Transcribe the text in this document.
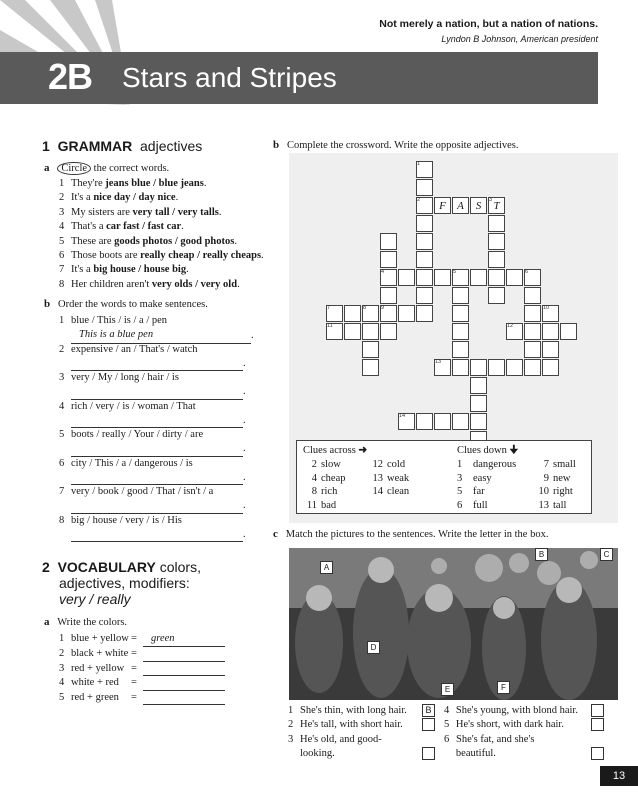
Not merely a nation, but a nation of nations.
Lyndon B Johnson, American president
2B Stars and Stripes
1 GRAMMAR adjectives
a Circle the correct words.
1 They're jeans blue / blue jeans.
2 It's a nice day / day nice.
3 My sisters are very tall / very talls.
4 That's a car fast / fast car.
5 These are goods photos / good photos.
6 Those boots are really cheap / really cheaps.
7 It's a big house / house big.
8 Her children aren't very olds / very old.
b Order the words to make sentences.
1 blue / This / is / a / pen
This is a blue pen	.
2 expensive / an / That's / watch
.
3 very / My / long / hair / is
.
4 rich / very / is / woman / That
.
5 boots / really / Your / dirty / are
.
6 city / This / a / dangerous / is
.
7 very / book / good / That / isn't / a
.
8 big / house / very / is / His
.
2 VOCABULARY colors,
adjectives, modifiers:
very / really
a Write the colors.
1 blue + yellow =	green
2 black + white =
3 red + yellow =
4 white + red	=
5 red + green	=
b Complete the crossword. Write the opposite adjectives.
F	A	S	T
1
2	3
4	5	6
7	8	9	10
11	12
13
14
Clues across ➜
2 slow	12 cold
4 cheap	13 weak
8 rich	14 clean
11 bad
Clues down 🠋
1	dangerous	7 small
3	easy	9 new
5	far	10 right
6	full	13 tall
c Match the pictures to the sentences. Write the letter in the box.
A
B	C
D
E	F
1 She's thin, with long hair.	B
2 He's tall, with short hair.
3 He's old, and good-
looking.
4 She's young, with blond hair.
5 He's short, with dark hair.
6 She's fat, and she's
beautiful.
13
